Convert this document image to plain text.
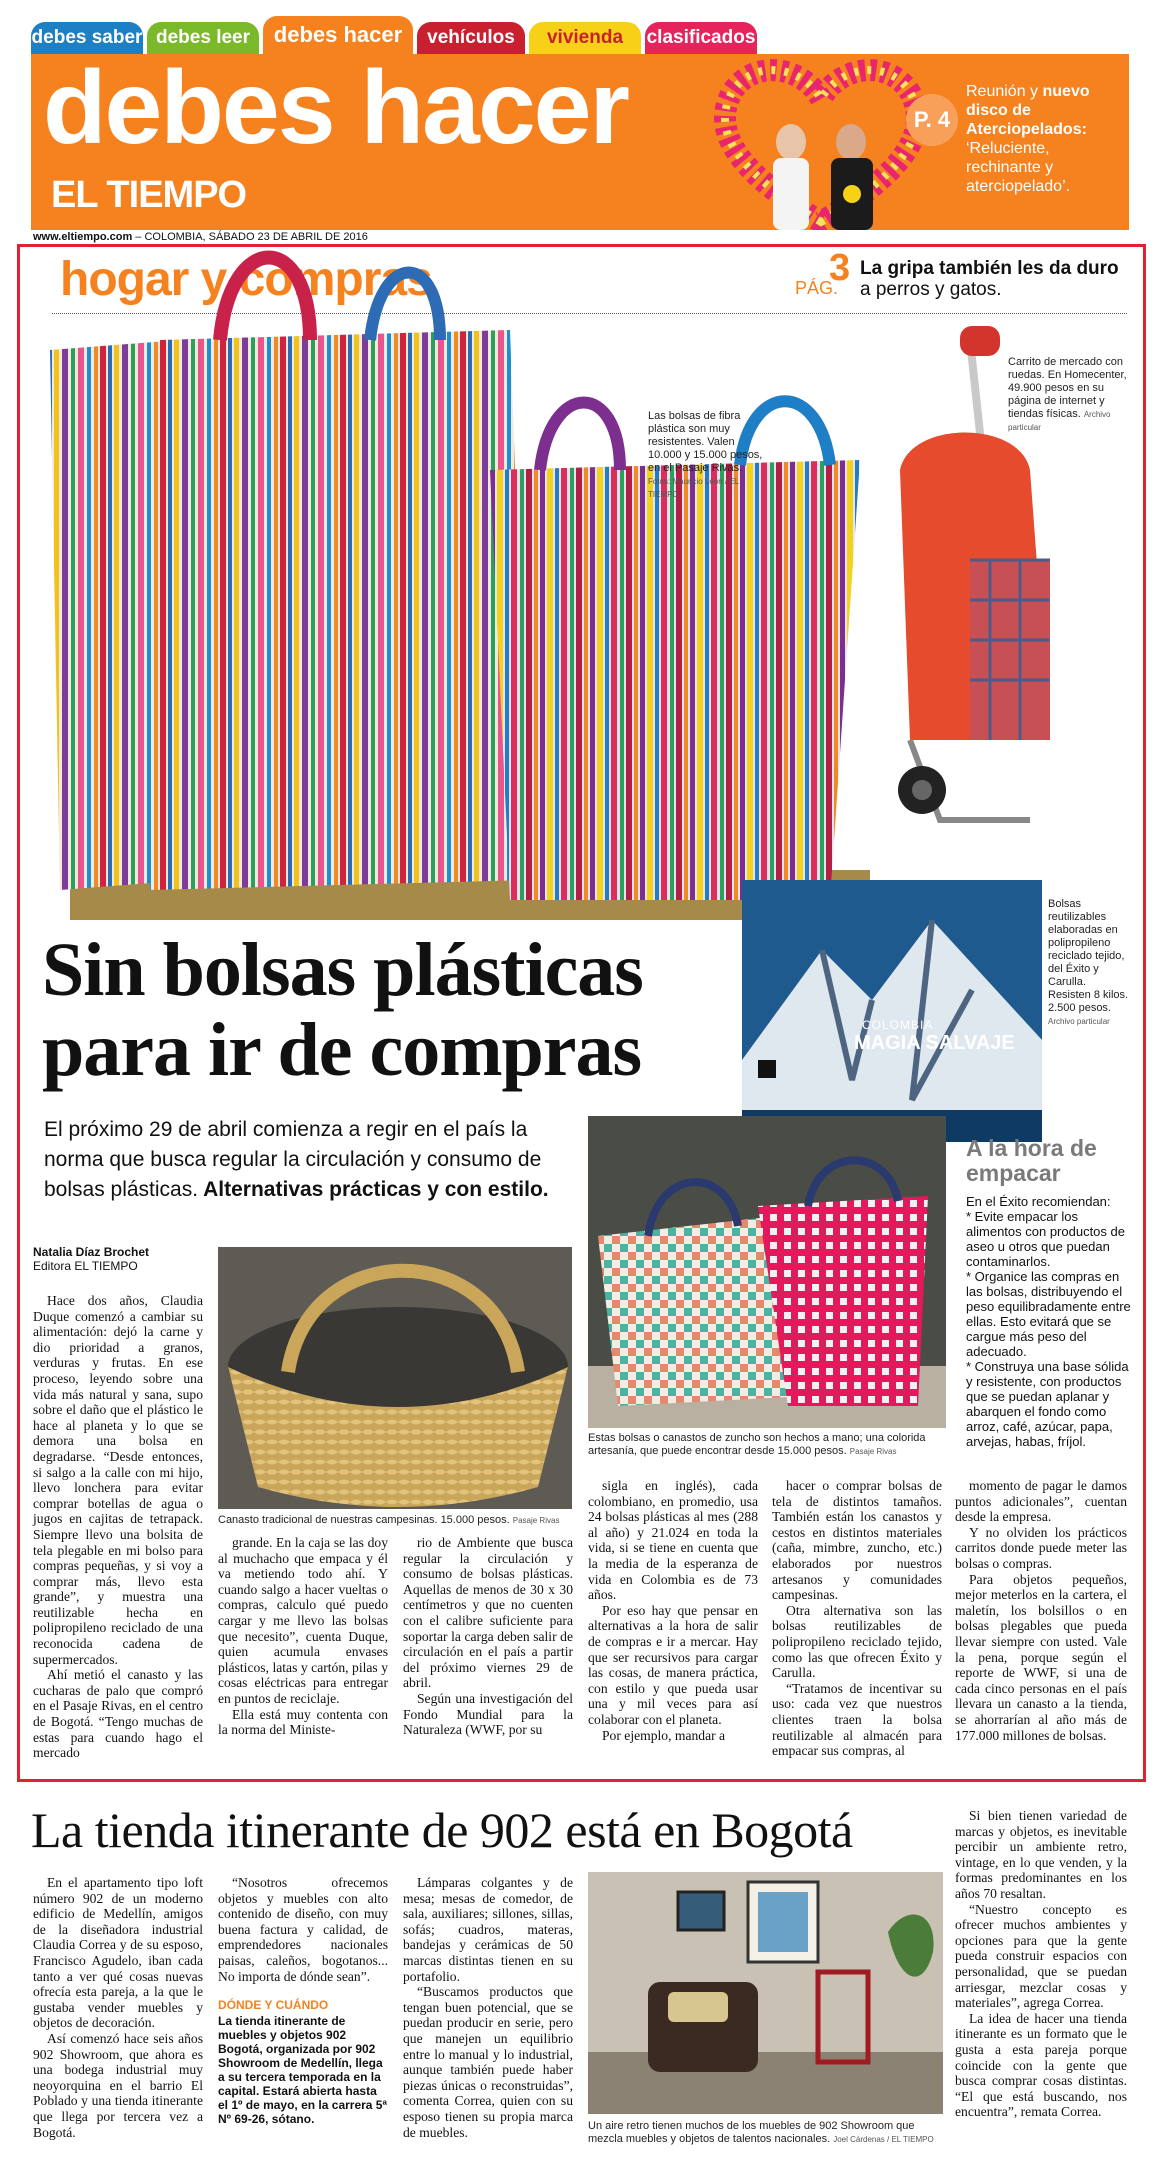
debes saber debes leer	debes hacer	vehículos	vivienda	clasificados
debes hacer
EL TIEMPO
P. 4
Reunión y nuevo disco de Aterciopelados: ‘Reluciente, rechinante y aterciopelado’.
www.eltiempo.com – COLOMBIA, SÁBADO 23 DE ABRIL DE 2016
hogar y compras	PÁG.
3 La gripa también les da duro a perros y gatos.
Carrito de mercado con ruedas. En Homecenter, 49.900 pesos en su página de internet y tiendas físicas. Archivo particular
Las bolsas de fibra plástica son muy resistentes. Valen 10.000 y 15.000 pesos, en el Pasaje Rivas.
Fotos: Mauricio León / EL TIEMPO
COLOMBIA
MAGIA SALVAJE
Bolsas reutilizables elaboradas en polipropileno reciclado tejido, del Éxito y Carulla. Resisten 8 kilos. 2.500 pesos.
Archivo particular
Sin bolsas plásticas para ir de compras
El próximo 29 de abril comienza a regir en el país la norma que busca regular la circulación y consumo de bolsas plásticas. Alternativas prácticas y con estilo.
Natalia Díaz Brochet
Editora EL TIEMPO
Estas bolsas o canastos de zuncho son hechos a mano; una colorida artesanía, que puede encontrar desde 15.000 pesos. Pasaje Rivas
A la hora de empacar
En el Éxito recomiendan:
* Evite empacar los alimentos con productos de aseo u otros que puedan contaminarlos.
* Organice las compras en las bolsas, distribuyendo el peso equilibradamente entre ellas. Esto evitará que se cargue más peso del adecuado.
* Construya una base sólida y resistente, con productos que se puedan aplanar y abarquen el fondo como arroz, café, azúcar, papa, arvejas, habas, fríjol.
Canasto tradicional de nuestras campesinas. 15.000 pesos. Pasaje Rivas

Hace dos años, Claudia Duque comenzó a cambiar su alimentación: dejó la carne y dio prioridad a granos, verduras y frutas. En ese proceso, leyendo sobre una vida más natural y sana, supo sobre el daño que el plástico le hace al planeta y lo que se demora una bolsa en degradarse. “Desde entonces, si salgo a la calle con mi hijo, llevo lonchera para evitar comprar botellas de agua o jugos en cajitas de tetrapack. Siempre llevo una bolsita de tela plegable en mi bolso para compras pequeñas, y si voy a comprar más, llevo esta grande”, y muestra una reutilizable hecha en polipropileno reciclado de una reconocida cadena de supermercados.

Ahí metió el canasto y las cucharas de palo que compró en el Pasaje Rivas, en el centro de Bogotá. “Tengo muchas de estas para cuando hago el mercado

grande. En la caja se las doy al muchacho que empaca y él va metiendo todo ahí. Y cuando salgo a hacer vueltas o compras, calculo qué puedo cargar y me llevo las bolsas que necesito”, cuenta Duque, quien acumula envases plásticos, latas y cartón, pilas y cosas eléctricas para entregar en puntos de reciclaje.

Ella está muy contenta con la norma del Ministe-

rio de Ambiente que busca regular la circulación y consumo de bolsas plásticas. Aquellas de menos de 30 x 30 centímetros y que no cuenten con el calibre suficiente para soportar la carga deben salir de circulación en el país a partir del próximo viernes 29 de abril.

Según una investigación del Fondo Mundial para la Naturaleza (WWF, por su

sigla en inglés), cada colombiano, en promedio, usa 24 bolsas plásticas al mes (288 al año) y 21.024 en toda la vida, si se tiene en cuenta que la media de la esperanza de vida en Colombia es de 73 años.

Por eso hay que pensar en alternativas a la hora de salir de compras e ir a mercar. Hay que ser recursivos para cargar las cosas, de manera práctica, con estilo y que pueda usar una y mil veces para así colaborar con el planeta.

Por ejemplo, mandar a

hacer o comprar bolsas de tela de distintos tamaños. También están los canastos y cestos en distintos materiales (caña, mimbre, zuncho, etc.) elaborados por nuestros artesanos y comunidades campesinas.

Otra alternativa son las bolsas reutilizables de polipropileno reciclado tejido, como las que ofrecen Éxito y Carulla.

“Tratamos de incentivar su uso: cada vez que nuestros clientes traen la bolsa reutilizable al almacén para empacar sus compras, al

momento de pagar le damos puntos adicionales”, cuentan desde la empresa.

Y no olviden los prácticos carritos donde puede meter las bolsas o compras.

Para objetos pequeños, mejor meterlos en la cartera, el maletín, los bolsillos o en bolsas plegables que pueda llevar siempre con usted. Vale la pena, porque según el reporte de WWF, si una de cada cinco personas en el país llevara un canasto a la tienda, se ahorrarían al año más de 177.000 millones de bolsas.

La tienda itinerante de 902 está en Bogotá

En el apartamento tipo loft número 902 de un moderno edificio de Medellín, amigos de la diseñadora industrial Claudia Correa y de su esposo, Francisco Agudelo, iban cada tanto a ver qué cosas nuevas ofrecía esta pareja, a la que le gustaba vender muebles y objetos de decoración.

Así comenzó hace seis años 902 Showroom, que ahora es una bodega industrial muy neoyorquina en el barrio El Poblado y una tienda itinerante que llega por tercera vez a Bogotá.

“Nosotros ofrecemos objetos y muebles con alto contenido de diseño, con muy buena factura y calidad, de emprendedores nacionales paisas, caleños, bogotanos... No importa de dónde sean”.

DÓNDE Y CUÁNDO
La tienda itinerante de muebles y objetos 902 Bogotá, organizada por 902 Showroom de Medellín, llega a su tercera temporada en la capital. Estará abierta hasta el 1º de mayo, en la carrera 5ª Nº 69-26, sótano.

Lámparas colgantes y de mesa; mesas de comedor, de sala, auxiliares; sillones, sillas, sofás; cuadros, materas, bandejas y cerámicas de 50 marcas distintas tienen en su portafolio.

“Buscamos productos que tengan buen potencial, que se puedan producir en serie, pero que manejen un equilibrio entre lo manual y lo industrial, aunque también puede haber piezas únicas o reconstruidas”, comenta Correa, quien con su esposo tienen su propia marca de muebles.	Un aire retro tienen muchos de los muebles de 902 Showroom que mezcla muebles y objetos de talentos nacionales. Joel Cárdenas / EL TIEMPO

Si bien tienen variedad de marcas y objetos, es inevitable percibir un ambiente retro, vintage, en lo que venden, y la formas predominantes en los años 70 resaltan.

“Nuestro concepto es ofrecer muchos ambientes y opciones para que la gente pueda construir espacios con personalidad, que se puedan arriesgar, mezclar cosas y materiales”, agrega Correa.

La idea de hacer una tienda itinerante es un formato que le gusta a esta pareja porque coincide con la gente que busca comprar cosas distintas. “El que está buscando, nos encuentra”, remata Correa.
